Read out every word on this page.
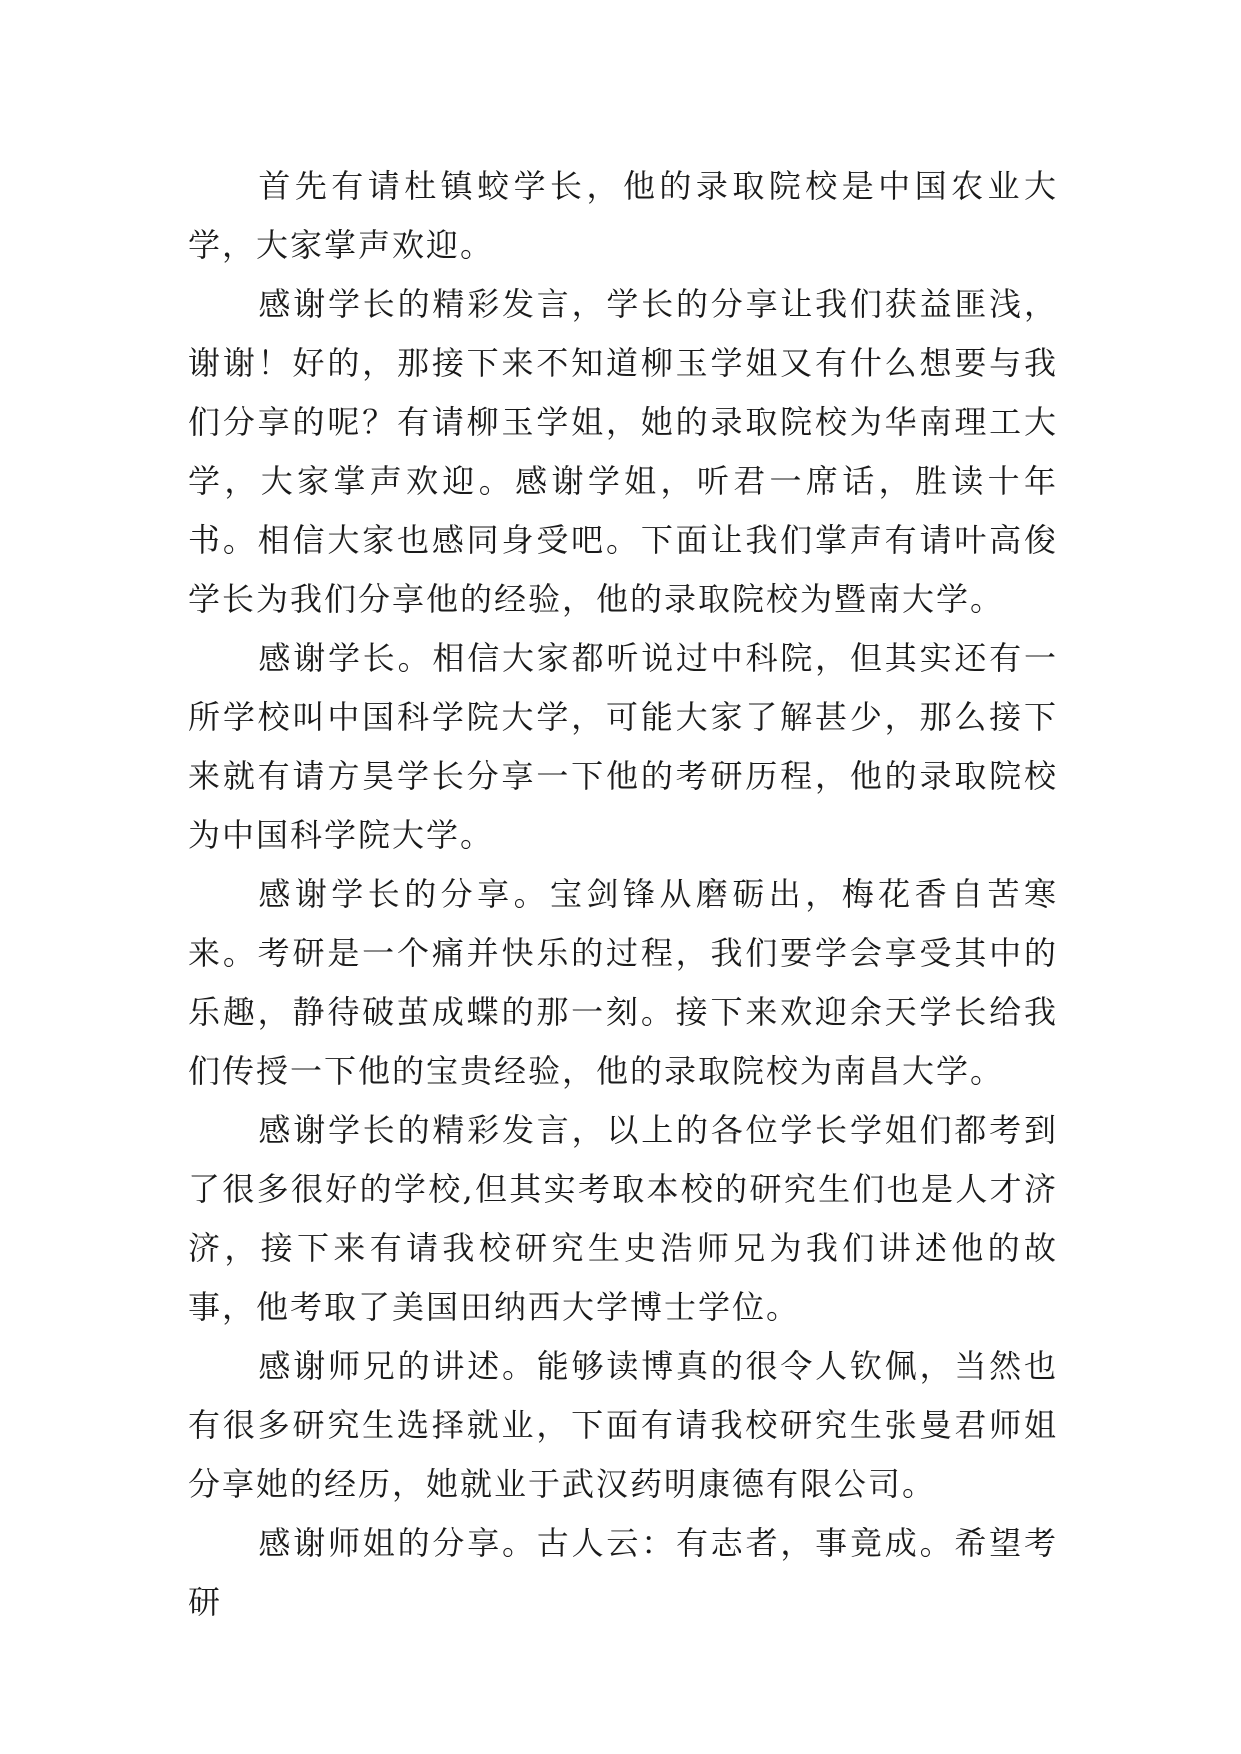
首先有请杜镇蛟学长，他的录取院校是中国农业大学，大家掌声欢迎。

感谢学长的精彩发言，学长的分享让我们获益匪浅，谢谢！好的，那接下来不知道柳玉学姐又有什么想要与我们分享的呢？有请柳玉学姐，她的录取院校为华南理工大学，大家掌声欢迎。感谢学姐，听君一席话，胜读十年书。相信大家也感同身受吧。下面让我们掌声有请叶高俊学长为我们分享他的经验，他的录取院校为暨南大学。

感谢学长。相信大家都听说过中科院，但其实还有一所学校叫中国科学院大学，可能大家了解甚少，那么接下来就有请方昊学长分享一下他的考研历程，他的录取院校为中国科学院大学。

感谢学长的分享。宝剑锋从磨砺出，梅花香自苦寒来。考研是一个痛并快乐的过程，我们要学会享受其中的乐趣，静待破茧成蝶的那一刻。接下来欢迎余天学长给我们传授一下他的宝贵经验，他的录取院校为南昌大学。

感谢学长的精彩发言，以上的各位学长学姐们都考到了很多很好的学校,但其实考取本校的研究生们也是人才济济，接下来有请我校研究生史浩师兄为我们讲述他的故事，他考取了美国田纳西大学博士学位。

感谢师兄的讲述。能够读博真的很令人钦佩，当然也有很多研究生选择就业，下面有请我校研究生张曼君师姐分享她的经历，她就业于武汉药明康德有限公司。

感谢师姐的分享。古人云：有志者，事竟成。希望考研
